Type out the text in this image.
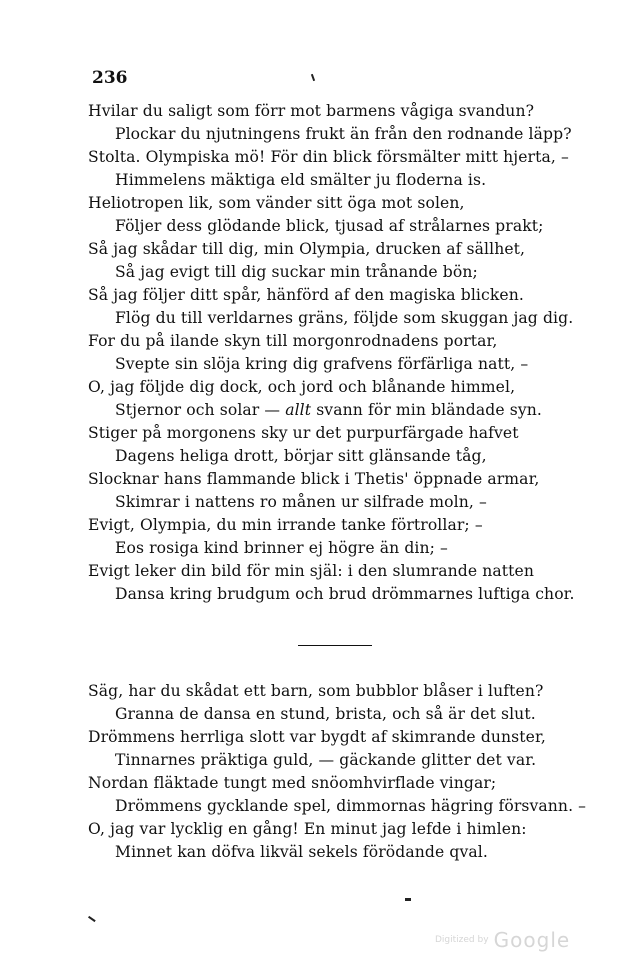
236
Hvilar du saligt som förr mot barmens vågiga svandun?
Plockar du njutningens frukt än från den rodnande läpp?
Stolta. Olympiska mö! För din blick försmälter mitt hjerta, –
Himmelens mäktiga eld smälter ju floderna is.
Heliotropen lik, som vänder sitt öga mot solen,
Följer dess glödande blick, tjusad af strålarnes prakt;
Så jag skådar till dig, min Olympia, drucken af sällhet,
Så jag evigt till dig suckar min trånande bön;
Så jag följer ditt spår, hänförd af den magiska blicken.
Flög du till verldarnes gräns, följde som skuggan jag dig.
For du på ilande skyn till morgonrodnadens portar,
Svepte sin slöja kring dig grafvens förfärliga natt, –
O, jag följde dig dock, och jord och blånande himmel,
Stjernor och solar — allt svann för min bländade syn.
Stiger på morgonens sky ur det purpurfärgade hafvet
Dagens heliga drott, börjar sitt glänsande tåg,
Slocknar hans flammande blick i Thetis' öppnade armar,
Skimrar i nattens ro månen ur silfrade moln, –
Evigt, Olympia, du min irrande tanke förtrollar; –
Eos rosiga kind brinner ej högre än din; –
Evigt leker din bild för min själ: i den slumrande natten
Dansa kring brudgum och brud drömmarnes luftiga chor.
Säg, har du skådat ett barn, som bubblor blåser i luften?
Granna de dansa en stund, brista, och så är det slut.
Drömmens herrliga slott var bygdt af skimrande dunster,
Tinnarnes präktiga guld, — gäckande glitter det var.
Nordan fläktade tungt med snöomhvirflade vingar;
Drömmens gycklande spel, dimmornas hägring försvann. –
O, jag var lycklig en gång! En minut jag lefde i himlen:
Minnet kan döfva likväl sekels förödande qval.
Digitized by Google
